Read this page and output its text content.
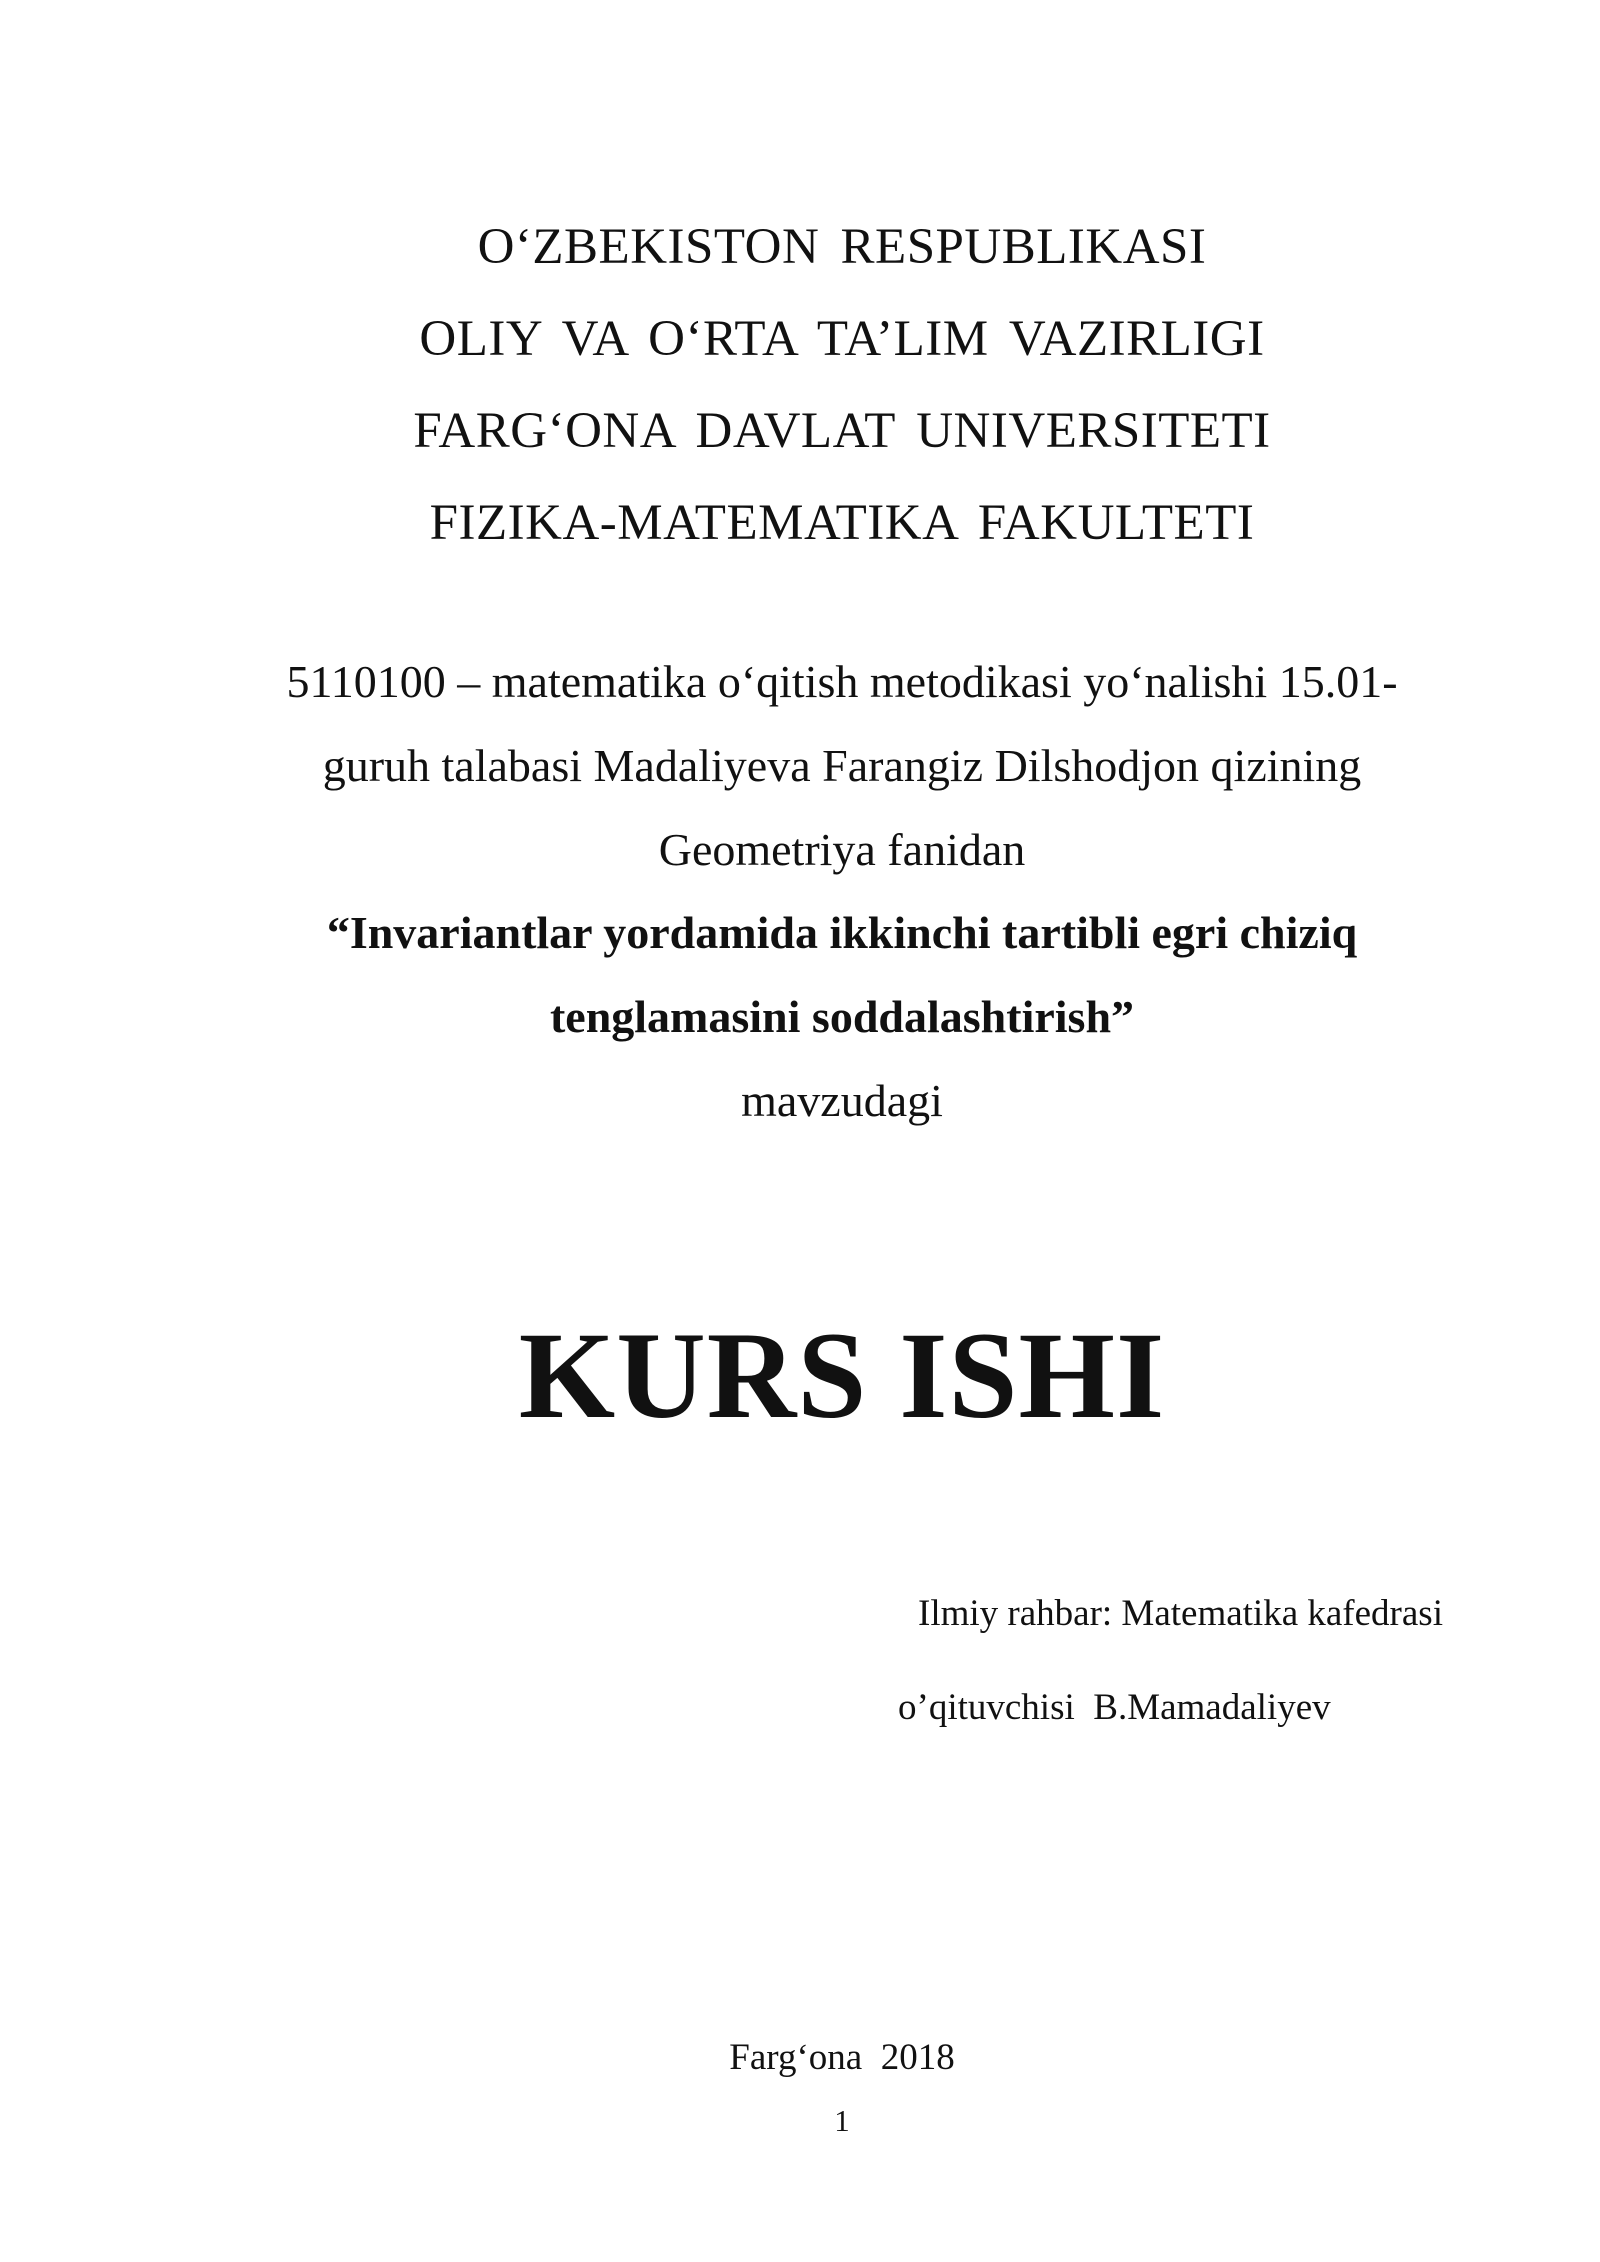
O‘ZBEKISTON RESPUBLIKASI
OLIY VA O‘RTA TA’LIM VAZIRLIGI
FARG‘ONA DAVLAT UNIVERSITETI
FIZIKA-MATEMATIKA FAKULTETI
5110100 – matematika o‘qitish metodikasi yo‘nalishi 15.01-
guruh talabasi Madaliyeva Farangiz Dilshodjon qizining
Geometriya fanidan
“Invariantlar yordamida ikkinchi tartibli egri chiziq
tenglamasini soddalashtirish”
mavzudagi
KURS ISHI
Ilmiy rahbar: Matematika kafedrasi
o’qituvchisi  B.Mamadaliyev
Farg‘ona  2018
1
